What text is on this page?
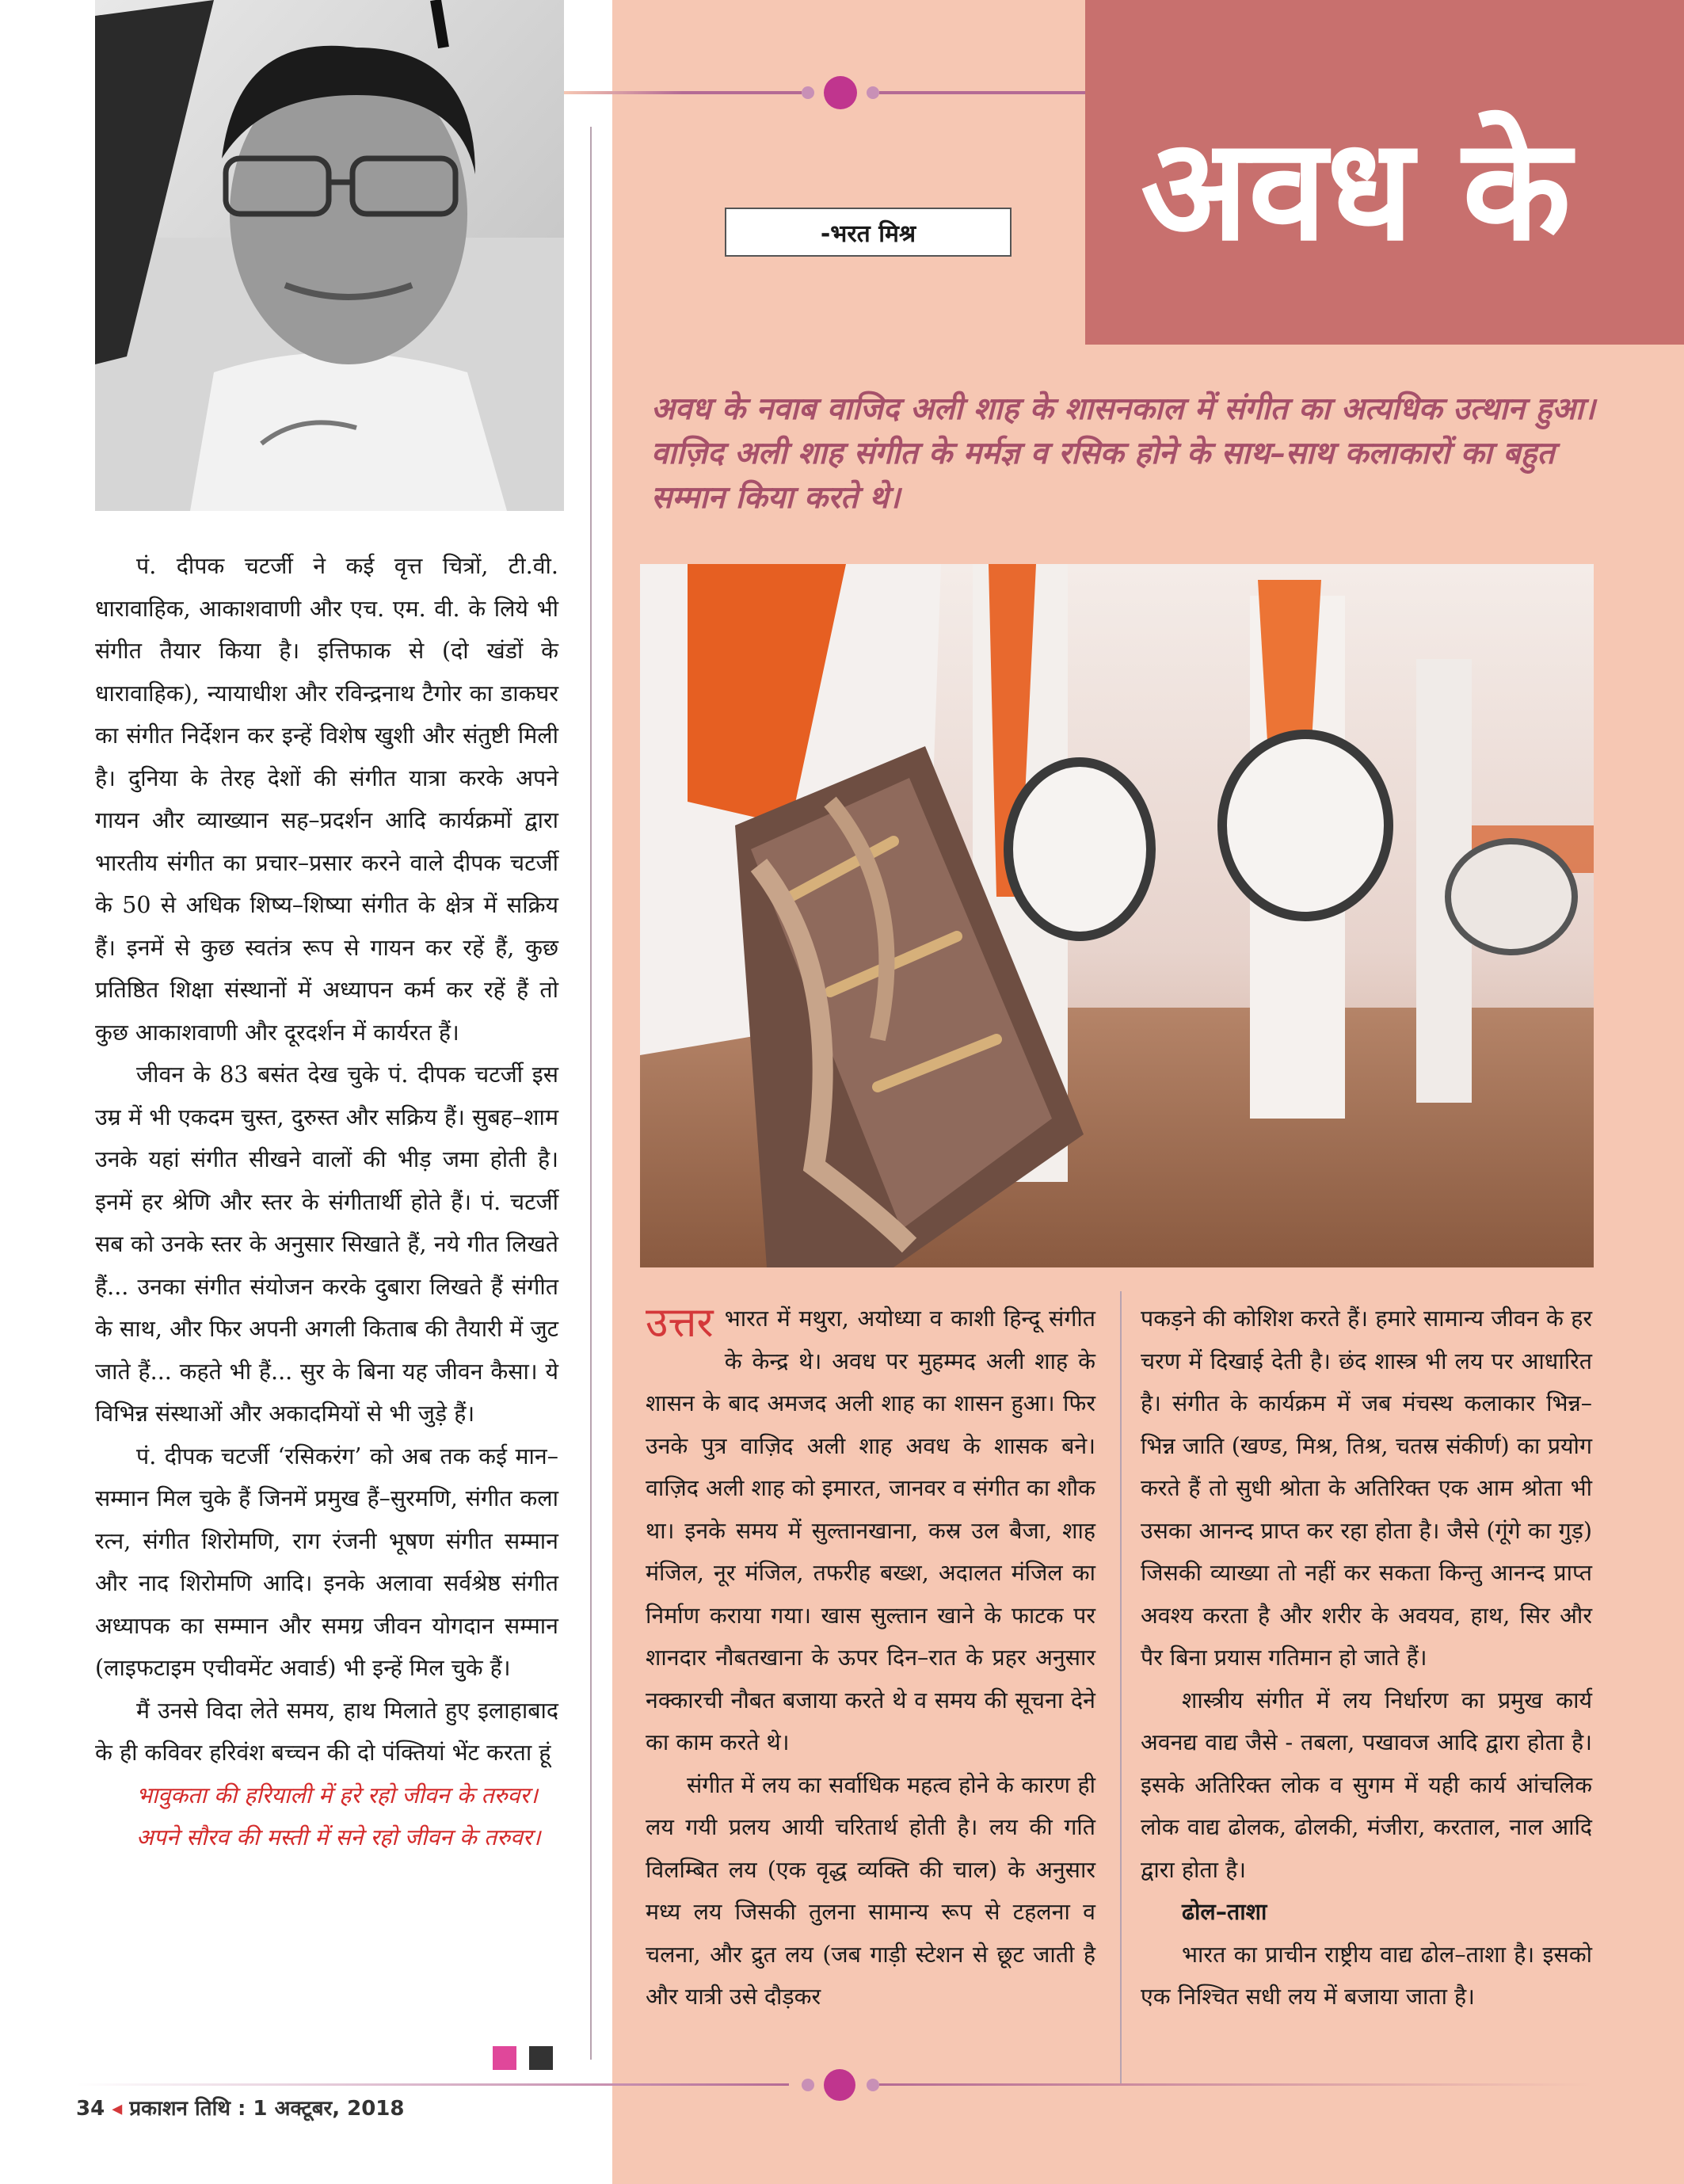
अवध के
-भरत मिश्र
अवध के नवाब वाजिद अली शाह के शासनकाल में संगीत का अत्यधिक उत्थान हुआ। वाज़िद अली शाह संगीत के मर्मज्ञ व रसिक होने के साथ–साथ कलाकारों का बहुत सम्मान किया करते थे।

पं. दीपक चटर्जी ने कई वृत्त चित्रों, टी.वी. धारावाहिक, आकाशवाणी और एच. एम. वी. के लिये भी संगीत तैयार किया है। इत्तिफाक से (दो खंडों के धारावाहिक), न्यायाधीश और रविन्द्रनाथ टैगोर का डाकघर का संगीत निर्देशन कर इन्हें विशेष खुशी और संतुष्टी मिली है। दुनिया के तेरह देशों की संगीत यात्रा करके अपने गायन और व्याख्यान सह–प्रदर्शन आदि कार्यक्रमों द्वारा भारतीय संगीत का प्रचार–प्रसार करने वाले दीपक चटर्जी के 50 से अधिक शिष्य–शिष्या संगीत के क्षेत्र में सक्रिय हैं। इनमें से कुछ स्वतंत्र रूप से गायन कर रहें हैं, कुछ प्रतिष्ठित शिक्षा संस्थानों में अध्यापन कर्म कर रहें हैं तो कुछ आकाशवाणी और दूरदर्शन में कार्यरत हैं।

जीवन के 83 बसंत देख चुके पं. दीपक चटर्जी इस उम्र में भी एकदम चुस्त, दुरुस्त और सक्रिय हैं। सुबह–शाम उनके यहां संगीत सीखने वालों की भीड़ जमा होती है। इनमें हर श्रेणि और स्तर के संगीतार्थी होते हैं। पं. चटर्जी सब को उनके स्तर के अनुसार सिखाते हैं, नये गीत लिखते हैं... उनका संगीत संयोजन करके दुबारा लिखते हैं संगीत के साथ, और फिर अपनी अगली किताब की तैयारी में जुट जाते हैं... कहते भी हैं... सुर के बिना यह जीवन कैसा। ये विभिन्न संस्थाओं और अकादमियों से भी जुड़े हैं।

पं. दीपक चटर्जी ‘रसिकरंग’ को अब तक कई मान–सम्मान मिल चुके हैं जिनमें प्रमुख हैं–सुरमणि, संगीत कला रत्न, संगीत शिरोमणि, राग रंजनी भूषण संगीत सम्मान और नाद शिरोमणि आदि। इनके अलावा सर्वश्रेष्ठ संगीत अध्यापक का सम्मान और समग्र जीवन योगदान सम्मान (लाइफटाइम एचीवमेंट अवार्ड) भी इन्हें मिल चुके हैं।

मैं उनसे विदा लेते समय, हाथ मिलाते हुए इलाहाबाद के ही कविवर हरिवंश बच्चन की दो पंक्तियां भेंट करता हूं

भावुकता की हरियाली में हरे रहो जीवन के तरुवर।

अपने सौरव की मस्ती में सने रहो जीवन के तरुवर।

उत्तर भारत में मथुरा, अयोध्या व काशी हिन्दू संगीत के केन्द्र थे। अवध पर मुहम्मद अली शाह के शासन के बाद अमजद अली शाह का शासन हुआ। फिर उनके पुत्र वाज़िद अली शाह अवध के शासक बने। वाज़िद अली शाह को इमारत, जानवर व संगीत का शौक था। इनके समय में सुल्तानखाना, कस्र उल बैजा, शाह मंजिल, नूर मंजिल, तफरीह बख्श, अदालत मंजिल का निर्माण कराया गया। खास सुल्तान खाने के फाटक पर शानदार नौबतखाना के ऊपर दिन–रात के प्रहर अनुसार नक्कारची नौबत बजाया करते थे व समय की सूचना देने का काम करते थे।

संगीत में लय का सर्वाधिक महत्व होने के कारण ही लय गयी प्रलय आयी चरितार्थ होती है। लय की गति विलम्बित लय (एक वृद्ध व्यक्ति की चाल) के अनुसार मध्य लय जिसकी तुलना सामान्य रूप से टहलना व चलना, और द्रुत लय (जब गाड़ी स्टेशन से छूट जाती है और यात्री उसे दौड़कर

पकड़ने की कोशिश करते हैं। हमारे सामान्य जीवन के हर चरण में दिखाई देती है। छंद शास्त्र भी लय पर आधारित है। संगीत के कार्यक्रम में जब मंचस्थ कलाकार भिन्न–भिन्न जाति (खण्ड, मिश्र, तिश्र, चतस्र संकीर्ण) का प्रयोग करते हैं तो सुधी श्रोता के अतिरिक्त एक आम श्रोता भी उसका आनन्द प्राप्त कर रहा होता है। जैसे (गूंगे का गुड़) जिसकी व्याख्या तो नहीं कर सकता किन्तु आनन्द प्राप्त अवश्य करता है और शरीर के अवयव, हाथ, सिर और पैर बिना प्रयास गतिमान हो जाते हैं।

शास्त्रीय संगीत में लय निर्धारण का प्रमुख कार्य अवनद्य वाद्य जैसे - तबला, पखावज आदि द्वारा होता है। इसके अतिरिक्त लोक व सुगम में यही कार्य आंचलिक लोक वाद्य ढोलक, ढोलकी, मंजीरा, करताल, नाल आदि द्वारा होता है।

ढोल–ताशा

भारत का प्राचीन राष्ट्रीय वाद्य ढोल–ताशा है। इसको एक निश्चित सधी लय में बजाया जाता है।

34 ◂ प्रकाशन तिथि : 1 अक्टूबर, 2018
